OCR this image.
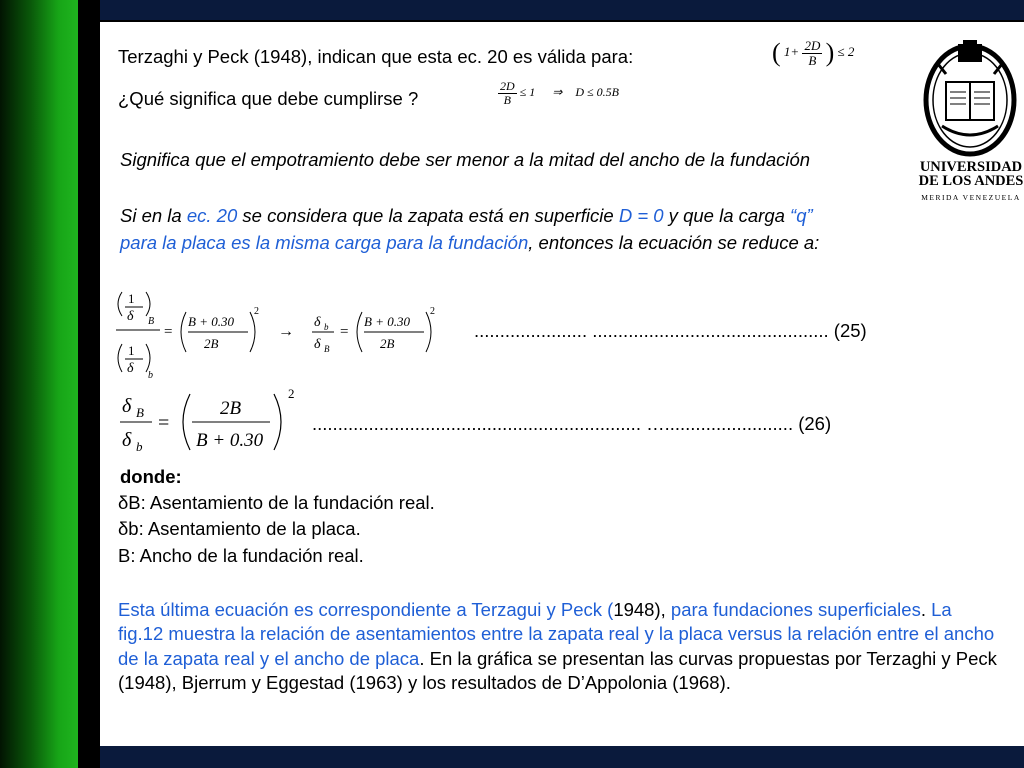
Terzaghi y Peck (1948), indican que esta ec. 20 es válida para:	( $1+ \frac{2D}{B}$ ) ≤ 2
¿Qué significa que debe cumplirse ?	$\frac{2D}{B} \le 1$ ⇒ D ≤ 0.5B
Significa que el empotramiento debe ser menor a la mitad del ancho de la fundación
Si en la ec. 20 se considera que la zapata está en superficie D = 0 y que la carga “q”
para la placa es la misma carga para la fundación, entonces la ecuación se reduce a:
1
δ B
1
δ b
=
B + 0.30
2B
2
→
δ b
δ B
=
B + 0.30
2B
2
...................... .............................................. (25)
δ B
δ b
=
2B
B + 0.30
2
................................................................ …......................... (26)
donde:
δB: Asentamiento de la fundación real.
δb: Asentamiento de la placa.
B: Ancho de la fundación real.
Esta última ecuación es correspondiente a Terzagui y Peck (1948), para fundaciones superficiales. La fig.12 muestra la relación de asentamientos entre la zapata real y la placa versus la relación entre el ancho de la zapata real y el ancho de placa. En la gráfica se presentan las curvas propuestas por Terzaghi y Peck (1948), Bjerrum y Eggestad (1963) y los resultados de D’Appolonia (1968).
UNIVERSIDAD
DE LOS ANDES
MERIDA VENEZUELA
